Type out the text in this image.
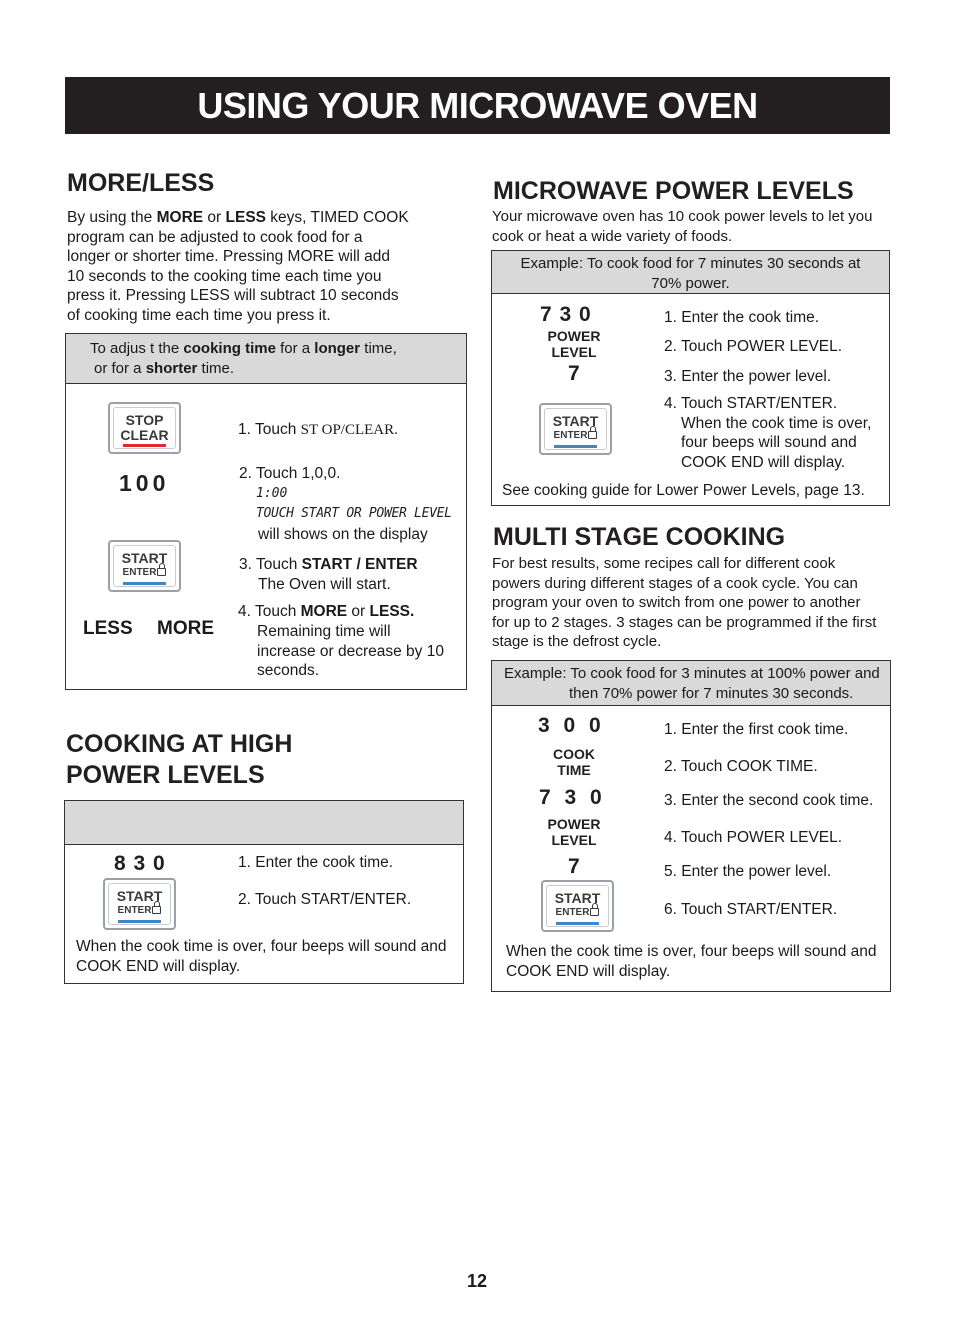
USING YOUR MICROWAVE OVEN
MORE/LESS
By using the MORE or LESS keys, TIMED COOK
program can be adjusted to cook food for a
longer or shorter time. Pressing MORE will add
10 seconds to the cooking time each time you
press it. Pressing LESS will subtract 10 seconds
of cooking time each time you press it.
To adjus t the cooking time for a longer time,
or for a shorter time.
STOP
CLEAR
100
START
ENTER
LESS MORE
1. Touch ST OP/CLEAR.
2. Touch 1,0,0.
1:00
TOUCH START OR POWER LEVEL
will shows on the display
3. Touch START / ENTER
The Oven will start.
4. Touch MORE or LESS.
Remaining time will
increase or decrease by 10
seconds.
COOKING AT HIGH
POWER LEVELS
8 3 0
START
ENTER
1. Enter the cook time.
2. Touch START/ENTER.
When the cook time is over, four beeps will sound and
COOK END will display.
MICROWAVE POWER LEVELS
Your microwave oven has 10 cook power levels to let you
cook or heat a wide variety of foods.
Example: To cook food for 7 minutes 30 seconds at
70% power.
7 3 0
POWER
LEVEL
7
START
ENTER
1. Enter the cook time.
2. Touch POWER LEVEL.
3. Enter the power level.
4. Touch START/ENTER.
When the cook time is over,
four beeps will sound and
COOK END will display.
See cooking guide for Lower Power Levels, page 13.
MULTI STAGE COOKING
For best results, some recipes call for different cook
powers during different stages of a cook cycle. You can
program your oven to switch from one power to another
for up to 2 stages. 3 stages can be programmed if the first
stage is the defrost cycle.
Example: To cook food for 3 minutes at 100% power and
then 70% power for 7 minutes 30 seconds.
3 0 0
COOK
TIME
7 3 0
POWER
LEVEL
7
START
ENTER
1. Enter the first cook time.
2. Touch COOK TIME.
3. Enter the second cook time.
4. Touch POWER LEVEL.
5. Enter the power level.
6. Touch START/ENTER.
When the cook time is over, four beeps will sound and
COOK END will display.
12
